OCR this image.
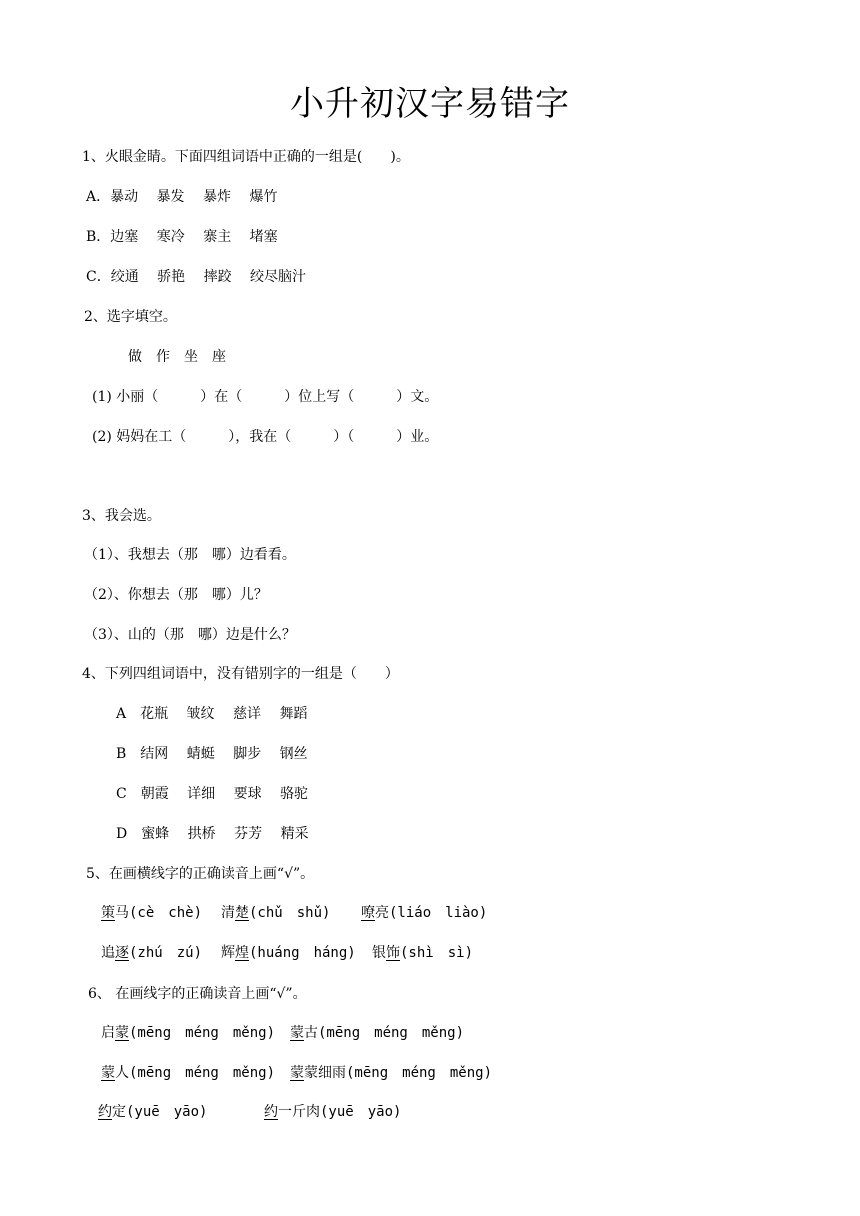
小升初汉字易错字
1、火眼金睛。下面四组词语中正确的一组是(　　)。
A．暴动　 暴发　 暴炸　 爆竹
B．边塞　 寒冷　 寨主　 堵塞
C．绞通　 骄艳　 摔跤　 绞尽脑汁
2、选字填空。
做　作　坐　座
(1) 小丽（　　　）在（　　　）位上写（　　　）文。
(2) 妈妈在工（　　　），我在（　　　）（　　　）业。
3、我会选。
（1）、我想去（那　哪）边看看。
（2）、你想去（那　哪）儿？
（3）、山的（那　哪）边是什么？
4、下列四组词语中，没有错别字的一组是（　　）
A　花瓶　 皱纹　 慈详　 舞蹈
B　结网　 蜻蜓　 脚步　 钢丝
C　朝霞　 详细　 要球　 骆驼
D　蜜蜂　 拱桥　 芬芳　 精采
5、在画横线字的正确读音上画“√”。
策马(cè　chè) 清楚(chǔ　shǔ) 嘹亮(liáo　liào)
追逐(zhú　zú) 辉煌(huáng　háng) 银饰(shì　sì)
6、 在画线字的正确读音上画“√”。
启蒙(mēng　méng　měng) 蒙古(mēng　méng　měng)
蒙人(mēng　méng　měng) 蒙蒙细雨(mēng　méng　měng)
约定(yuē　yāo)	约一斤肉(yuē　yāo)
